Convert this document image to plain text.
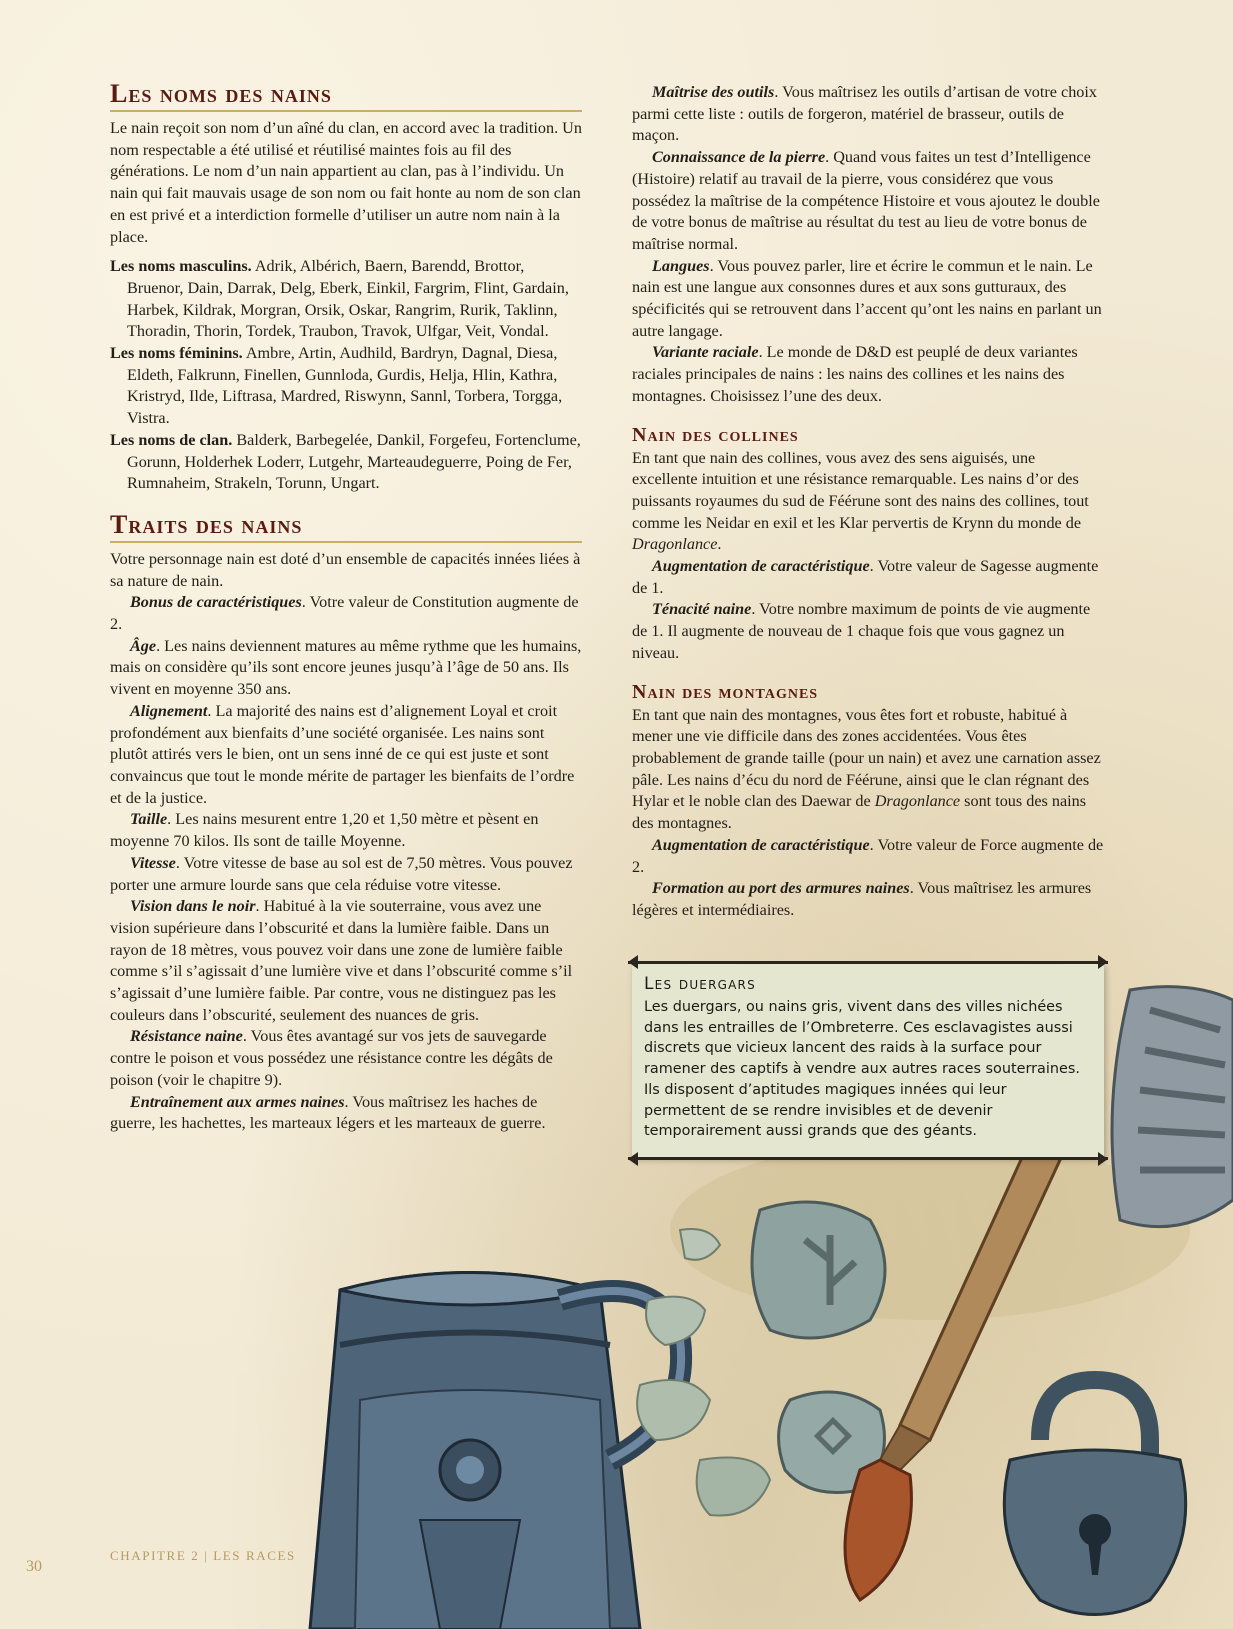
Les noms des nains

Le nain reçoit son nom d’un aîné du clan, en accord avec la tradition. Un nom respectable a été utilisé et réutilisé maintes fois au fil des générations. Le nom d’un nain appartient au clan, pas à l’individu. Un nain qui fait mauvais usage de son nom ou fait honte au nom de son clan en est privé et a interdiction formelle d’utiliser un autre nom nain à la place.

Les noms masculins. Adrik, Albérich, Baern, Barendd, Brottor, Bruenor, Dain, Darrak, Delg, Eberk, Einkil, Fargrim, Flint, Gardain, Harbek, Kildrak, Morgran, Orsik, Oskar, Rangrim, Rurik, Taklinn, Thoradin, Thorin, Tordek, Traubon, Travok, Ulfgar, Veit, Vondal.

Les noms féminins. Ambre, Artin, Audhild, Bardryn, Dagnal, Diesa, Eldeth, Falkrunn, Finellen, Gunnloda, Gurdis, Helja, Hlin, Kathra, Kristryd, Ilde, Liftrasa, Mardred, Riswynn, Sannl, Torbera, Torgga, Vistra.

Les noms de clan. Balderk, Barbegelée, Dankil, Forgefeu, Fortenclume, Gorunn, Holderhek Loderr, Lutgehr, Marteaudeguerre, Poing de Fer, Rumnaheim, Strakeln, Torunn, Ungart.

Traits des nains

Votre personnage nain est doté d’un ensemble de capacités innées liées à sa nature de nain.

Bonus de caractéristiques. Votre valeur de Constitution augmente de 2.

Âge. Les nains deviennent matures au même rythme que les humains, mais on considère qu’ils sont encore jeunes jusqu’à l’âge de 50 ans. Ils vivent en moyenne 350 ans.

Alignement. La majorité des nains est d’alignement Loyal et croit profondément aux bienfaits d’une société organisée. Les nains sont plutôt attirés vers le bien, ont un sens inné de ce qui est juste et sont convaincus que tout le monde mérite de partager les bienfaits de l’ordre et de la justice.

Taille. Les nains mesurent entre 1,20 et 1,50 mètre et pèsent en moyenne 70 kilos. Ils sont de taille Moyenne.

Vitesse. Votre vitesse de base au sol est de 7,50 mètres. Vous pouvez porter une armure lourde sans que cela réduise votre vitesse.

Vision dans le noir. Habitué à la vie souterraine, vous avez une vision supérieure dans l’obscurité et dans la lumière faible. Dans un rayon de 18 mètres, vous pouvez voir dans une zone de lumière faible comme s’il s’agissait d’une lumière vive et dans l’obscurité comme s’il s’agissait d’une lumière faible. Par contre, vous ne distinguez pas les couleurs dans l’obscurité, seulement des nuances de gris.

Résistance naine. Vous êtes avantagé sur vos jets de sauvegarde contre le poison et vous possédez une résistance contre les dégâts de poison (voir le chapitre 9).

Entraînement aux armes naines. Vous maîtrisez les haches de guerre, les hachettes, les marteaux légers et les marteaux de guerre.

Maîtrise des outils. Vous maîtrisez les outils d’artisan de votre choix parmi cette liste : outils de forgeron, matériel de brasseur, outils de maçon.

Connaissance de la pierre. Quand vous faites un test d’Intelligence (Histoire) relatif au travail de la pierre, vous considérez que vous possédez la maîtrise de la compétence Histoire et vous ajoutez le double de votre bonus de maîtrise au résultat du test au lieu de votre bonus de maîtrise normal.

Langues. Vous pouvez parler, lire et écrire le commun et le nain. Le nain est une langue aux consonnes dures et aux sons gutturaux, des spécificités qui se retrouvent dans l’accent qu’ont les nains en parlant un autre langage.

Variante raciale. Le monde de D&D est peuplé de deux variantes raciales principales de nains : les nains des collines et les nains des montagnes. Choisissez l’une des deux.

Nain des collines

En tant que nain des collines, vous avez des sens aiguisés, une excellente intuition et une résistance remarquable. Les nains d’or des puissants royaumes du sud de Féérune sont des nains des collines, tout comme les Neidar en exil et les Klar pervertis de Krynn du monde de Dragonlance.

Augmentation de caractéristique. Votre valeur de Sagesse augmente de 1.

Ténacité naine. Votre nombre maximum de points de vie augmente de 1. Il augmente de nouveau de 1 chaque fois que vous gagnez un niveau.

Nain des montagnes

En tant que nain des montagnes, vous êtes fort et robuste, habitué à mener une vie difficile dans des zones accidentées. Vous êtes probablement de grande taille (pour un nain) et avez une carnation assez pâle. Les nains d’écu du nord de Féérune, ainsi que le clan régnant des Hylar et le noble clan des Daewar de Dragonlance sont tous des nains des montagnes.

Augmentation de caractéristique. Votre valeur de Force augmente de 2.

Formation au port des armures naines. Vous maîtrisez les armures légères et intermédiaires.

Les duergars
Les duergars, ou nains gris, vivent dans des villes nichées dans les entrailles de l’Ombreterre. Ces esclavagistes aussi discrets que vicieux lancent des raids à la surface pour ramener des captifs à vendre aux autres races souterraines. Ils disposent d’aptitudes magiques innées qui leur permettent de se rendre invisibles et de devenir temporairement aussi grands que des géants.
CHAPITRE 2 | LES RACES
30
